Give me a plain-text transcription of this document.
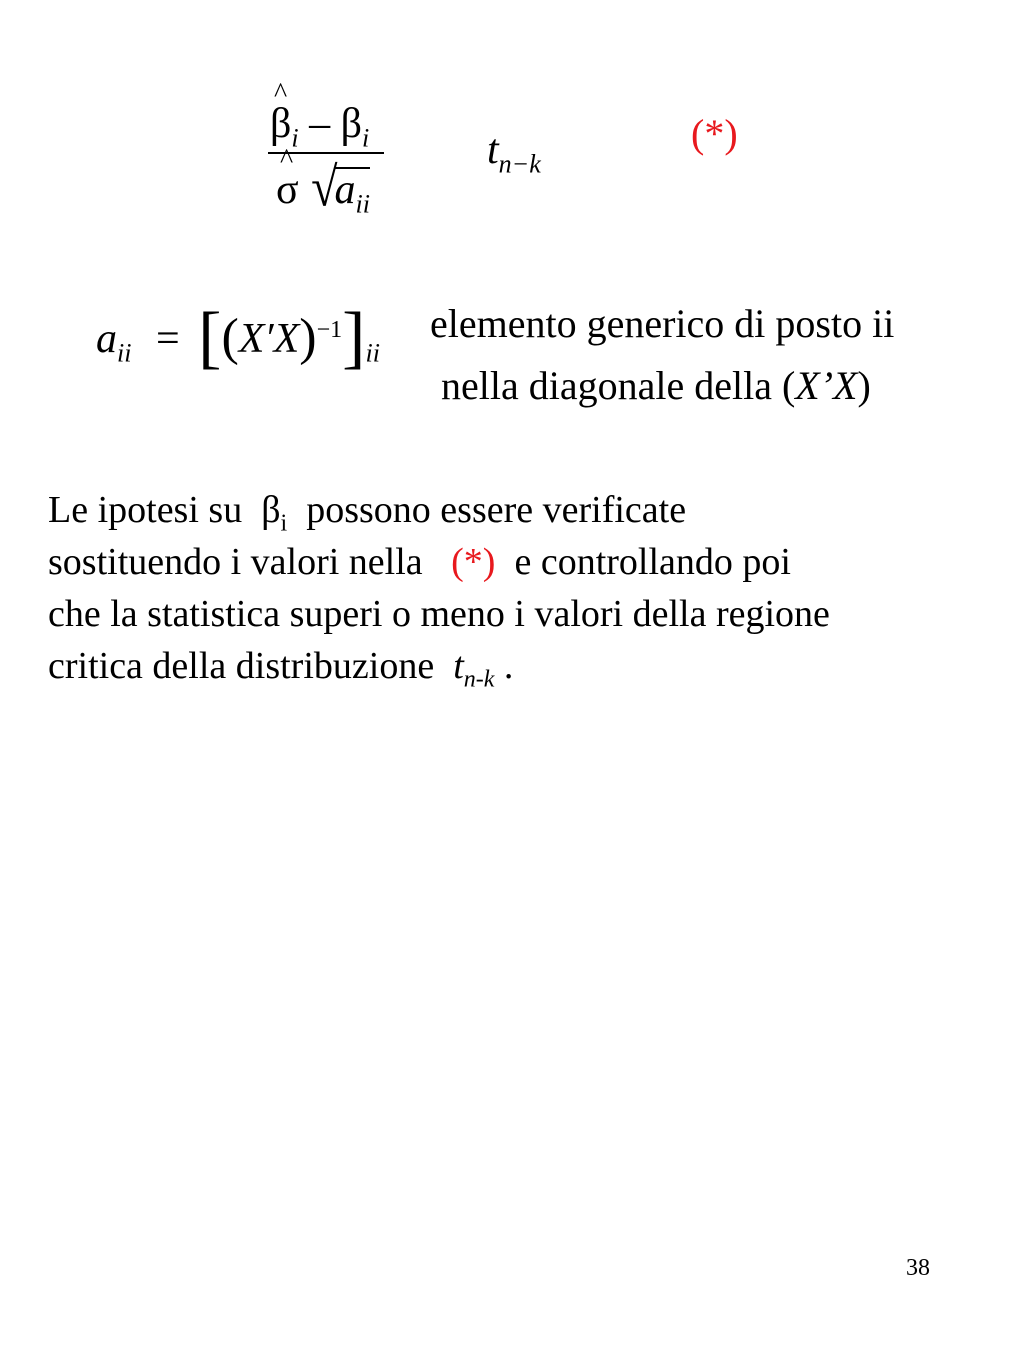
^ $\beta_i - \beta_i$
^ σ $√a_{ii}$
$t_{n-k}$
(*)
$a_{ii} = [(X'X)^{-1}]_{ii}$
elemento generico di posto ii
nella diagonale della (X’X)
Le ipotesi su $\beta_i$ possono essere verificate
sostituendo i valori nella (*) e controllando poi
che la statistica superi o meno i valori della regione
critica della distribuzione $t_{n-k}$ .
38
